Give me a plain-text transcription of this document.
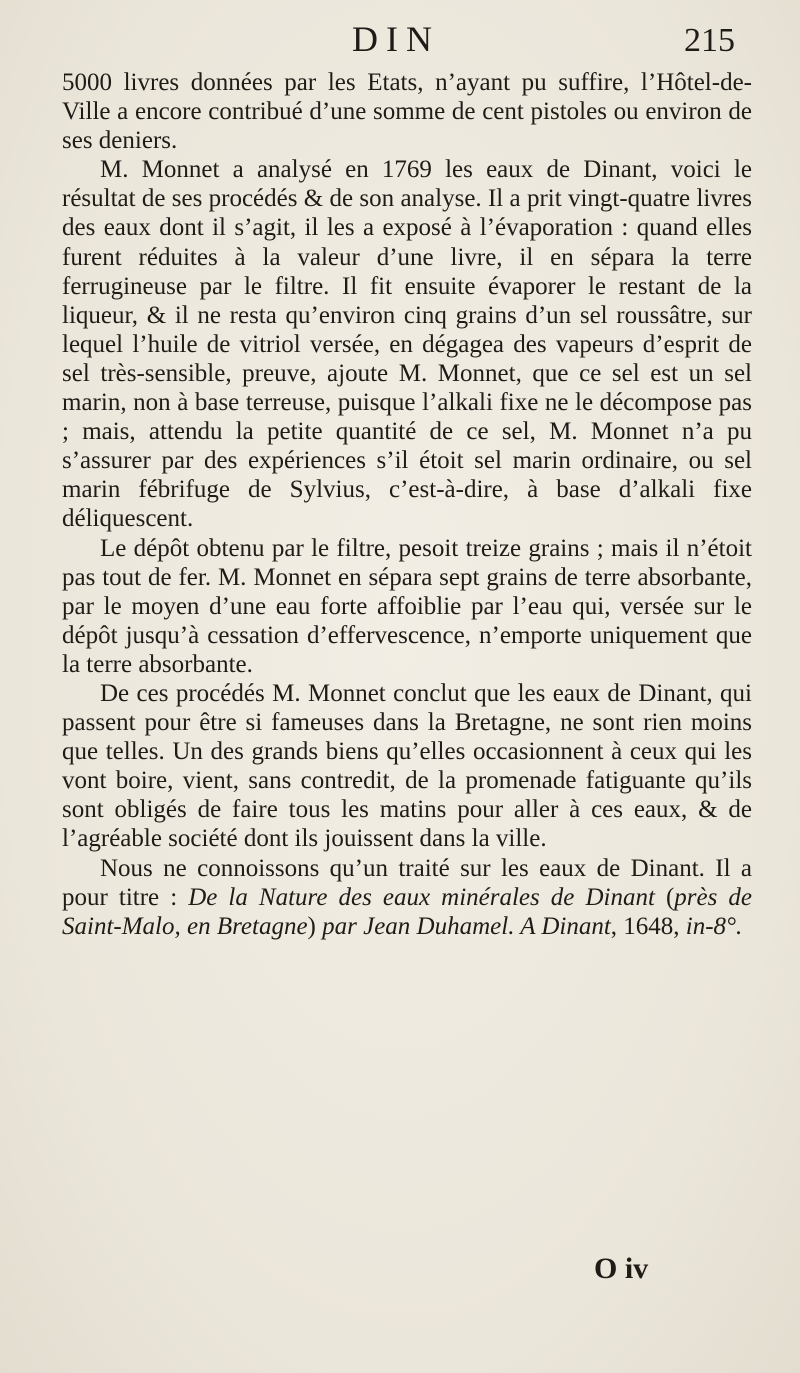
DIN	215

5000 livres données par les Etats, n’ayant pu suffire, l’Hôtel-de-Ville a encore contribué d’une somme de cent pistoles ou environ de ses deniers.

M. Monnet a analysé en 1769 les eaux de Dinant, voici le résultat de ses procédés & de son analyse. Il a prit vingt-quatre livres des eaux dont il s’agit, il les a exposé à l’évaporation : quand elles furent réduites à la valeur d’une livre, il en sépara la terre ferrugineuse par le filtre. Il fit ensuite évaporer le restant de la liqueur, & il ne resta qu’environ cinq grains d’un sel roussâtre, sur lequel l’huile de vitriol versée, en dégagea des vapeurs d’esprit de sel très-sensible, preuve, ajoute M. Monnet, que ce sel est un sel marin, non à base terreuse, puisque l’alkali fixe ne le décompose pas ; mais, attendu la petite quantité de ce sel, M. Monnet n’a pu s’assurer par des expériences s’il étoit sel marin ordinaire, ou sel marin fébrifuge de Sylvius, c’est-à-dire, à base d’alkali fixe déliquescent.

Le dépôt obtenu par le filtre, pesoit treize grains ; mais il n’étoit pas tout de fer. M. Monnet en sépara sept grains de terre absorbante, par le moyen d’une eau forte affoiblie par l’eau qui, versée sur le dépôt jusqu’à cessation d’effervescence, n’emporte uniquement que la terre absorbante.

De ces procédés M. Monnet conclut que les eaux de Dinant, qui passent pour être si fameuses dans la Bretagne, ne sont rien moins que telles. Un des grands biens qu’elles occasionnent à ceux qui les vont boire, vient, sans contredit, de la promenade fatiguante qu’ils sont obligés de faire tous les matins pour aller à ces eaux, & de l’agréable société dont ils jouissent dans la ville.

Nous ne connoissons qu’un traité sur les eaux de Dinant. Il a pour titre : De la Nature des eaux minérales de Dinant (près de Saint-Malo, en Bretagne) par Jean Duhamel. A Dinant, 1648, in-8°.

O iv
